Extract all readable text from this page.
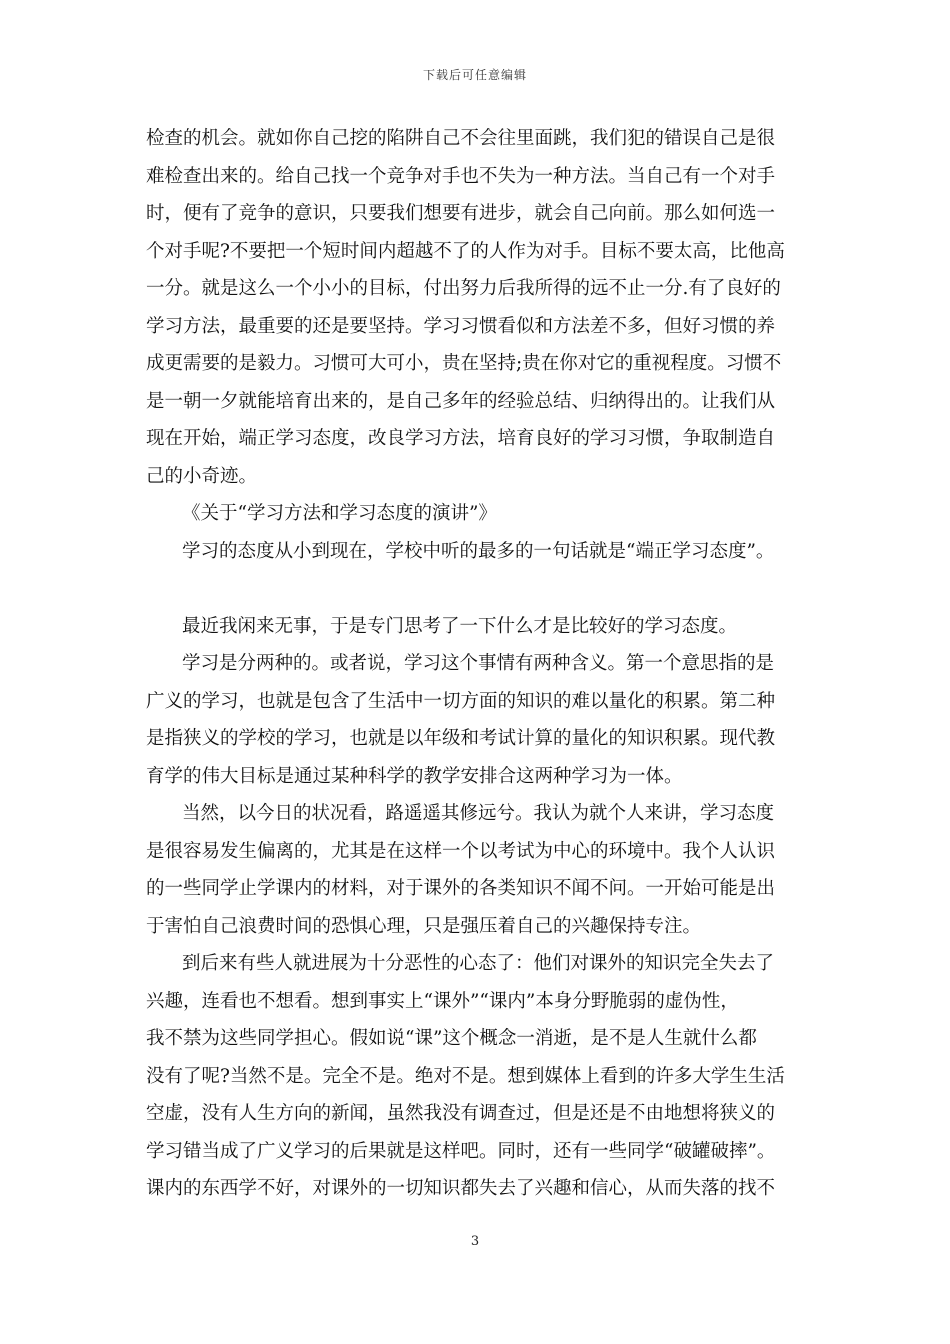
下载后可任意编辑
检查的机会。就如你自己挖的陷阱自己不会往里面跳，我们犯的错误自己是很
难检查出来的。给自己找一个竞争对手也不失为一种方法。当自己有一个对手
时，便有了竞争的意识，只要我们想要有进步，就会自己向前。那么如何选一
个对手呢?不要把一个短时间内超越不了的人作为对手。目标不要太高，比他高
一分。就是这么一个小小的目标，付出努力后我所得的远不止一分.有了良好的
学习方法，最重要的还是要坚持。学习习惯看似和方法差不多，但好习惯的养
成更需要的是毅力。习惯可大可小，贵在坚持;贵在你对它的重视程度。习惯不
是一朝一夕就能培育出来的，是自己多年的经验总结、归纳得出的。让我们从
现在开始，端正学习态度，改良学习方法，培育良好的学习习惯，争取制造自
己的小奇迹。
《关于“学习方法和学习态度的演讲”》
学习的态度从小到现在，学校中听的最多的一句话就是“端正学习态度”。
最近我闲来无事，于是专门思考了一下什么才是比较好的学习态度。
学习是分两种的。或者说，学习这个事情有两种含义。第一个意思指的是
广义的学习，也就是包含了生活中一切方面的知识的难以量化的积累。第二种
是指狭义的学校的学习，也就是以年级和考试计算的量化的知识积累。现代教
育学的伟大目标是通过某种科学的教学安排合这两种学习为一体。
当然，以今日的状况看，路遥遥其修远兮。我认为就个人来讲，学习态度
是很容易发生偏离的，尤其是在这样一个以考试为中心的环境中。我个人认识
的一些同学止学课内的材料，对于课外的各类知识不闻不问。一开始可能是出
于害怕自己浪费时间的恐惧心理，只是强压着自己的兴趣保持专注。
到后来有些人就进展为十分恶性的心态了：他们对课外的知识完全失去了
兴趣，连看也不想看。想到事实上“课外”“课内”本身分野脆弱的虚伪性，
我不禁为这些同学担心。假如说“课”这个概念一消逝，是不是人生就什么都
没有了呢?当然不是。完全不是。绝对不是。想到媒体上看到的许多大学生生活
空虚，没有人生方向的新闻，虽然我没有调查过，但是还是不由地想将狭义的
学习错当成了广义学习的后果就是这样吧。同时，还有一些同学“破罐破摔”。
课内的东西学不好，对课外的一切知识都失去了兴趣和信心，从而失落的找不
3
